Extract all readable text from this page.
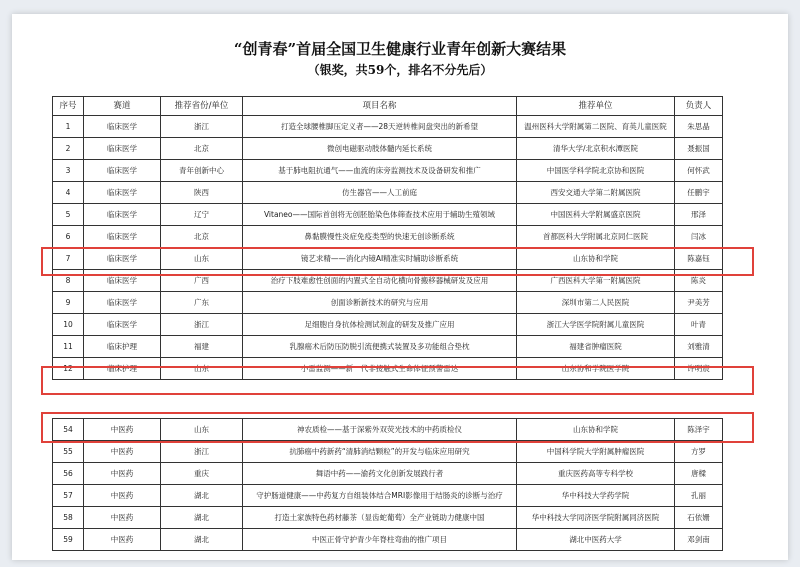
“创青春”首届全国卫生健康行业青年创新大赛结果
（银奖，共59个，排名不分先后）
序号	赛道	推荐省份/单位	项目名称	推荐单位	负责人
1	临床医学	浙江	打造全球腰椎脚压定义者——28天逆转椎间盘突出的新希望	温州医科大学附属第二医院、育英儿童医院	朱思晶
2	临床医学	北京	微创电磁驱动肢体髓内延长系统	清华大学/北京积水潭医院	聂振国
3	临床医学	青年创新中心	基于肺电阻抗通气——血流的床旁监测技术及设备研发和推广	中国医学科学院北京协和医院	何怀武
4	临床医学	陕西	仿生器官——人工前庭	西安交通大学第二附属医院	任鹏宇
5	临床医学	辽宁	Vitaneo——国际首创将无创胚胎染色体筛查技术应用于辅助生殖领域	中国医科大学附属盛京医院	邢泽
6	临床医学	北京	鼻黏膜慢性炎症免疫类型的快速无创诊断系统	首都医科大学附属北京同仁医院	闫冰
7	临床医学	山东	镜艺求精——消化内镜AI精准实时辅助诊断系统	山东协和学院	陈嘉钰
8	临床医学	广西	治疗下肢难愈性创面的内置式全自动化横向骨搬移器械研发及应用	广西医科大学第一附属医院	陈炎
9	临床医学	广东	创面诊断新技术的研究与应用	深圳市第二人民医院	尹美芳
10	临床医学	浙江	足细胞自身抗体检测试剂盒的研发及推广应用	浙江大学医学院附属儿童医院	叶青
11	临床护理	福建	乳腺癌术后防压防脱引流便携式装置及多功能组合垫枕	福建省肿瘤医院	刘雅清
12	临床护理	山东	小雷监测——新一代非接触式生命体征预警雷达	山东协和学院医学院	许明宸
54	中医药	山东	神农质检——基于深紫外双荧光技术的中药质检仪	山东协和学院	陈泽宇
55	中医药	浙江	抗肺癌中药新药“清肺消结颗粒”的开发与临床应用研究	中国科学院大学附属肿瘤医院	方罗
56	中医药	重庆	舞语中药——渝药文化创新发展践行者	重庆医药高等专科学校	唐樑
57	中医药	湖北	守护肠道健康——中药复方自组装体结合MRI影像用于结肠炎的诊断与治疗	华中科技大学药学院	孔丽
58	中医药	湖北	打造土家族特色药材藤茶（显齿蛇葡萄）全产业链助力健康中国	华中科技大学同济医学院附属同济医院	石依姗
59	中医药	湖北	中医正骨守护青少年脊柱弯曲的推广项目	湖北中医药大学	邓剑南
